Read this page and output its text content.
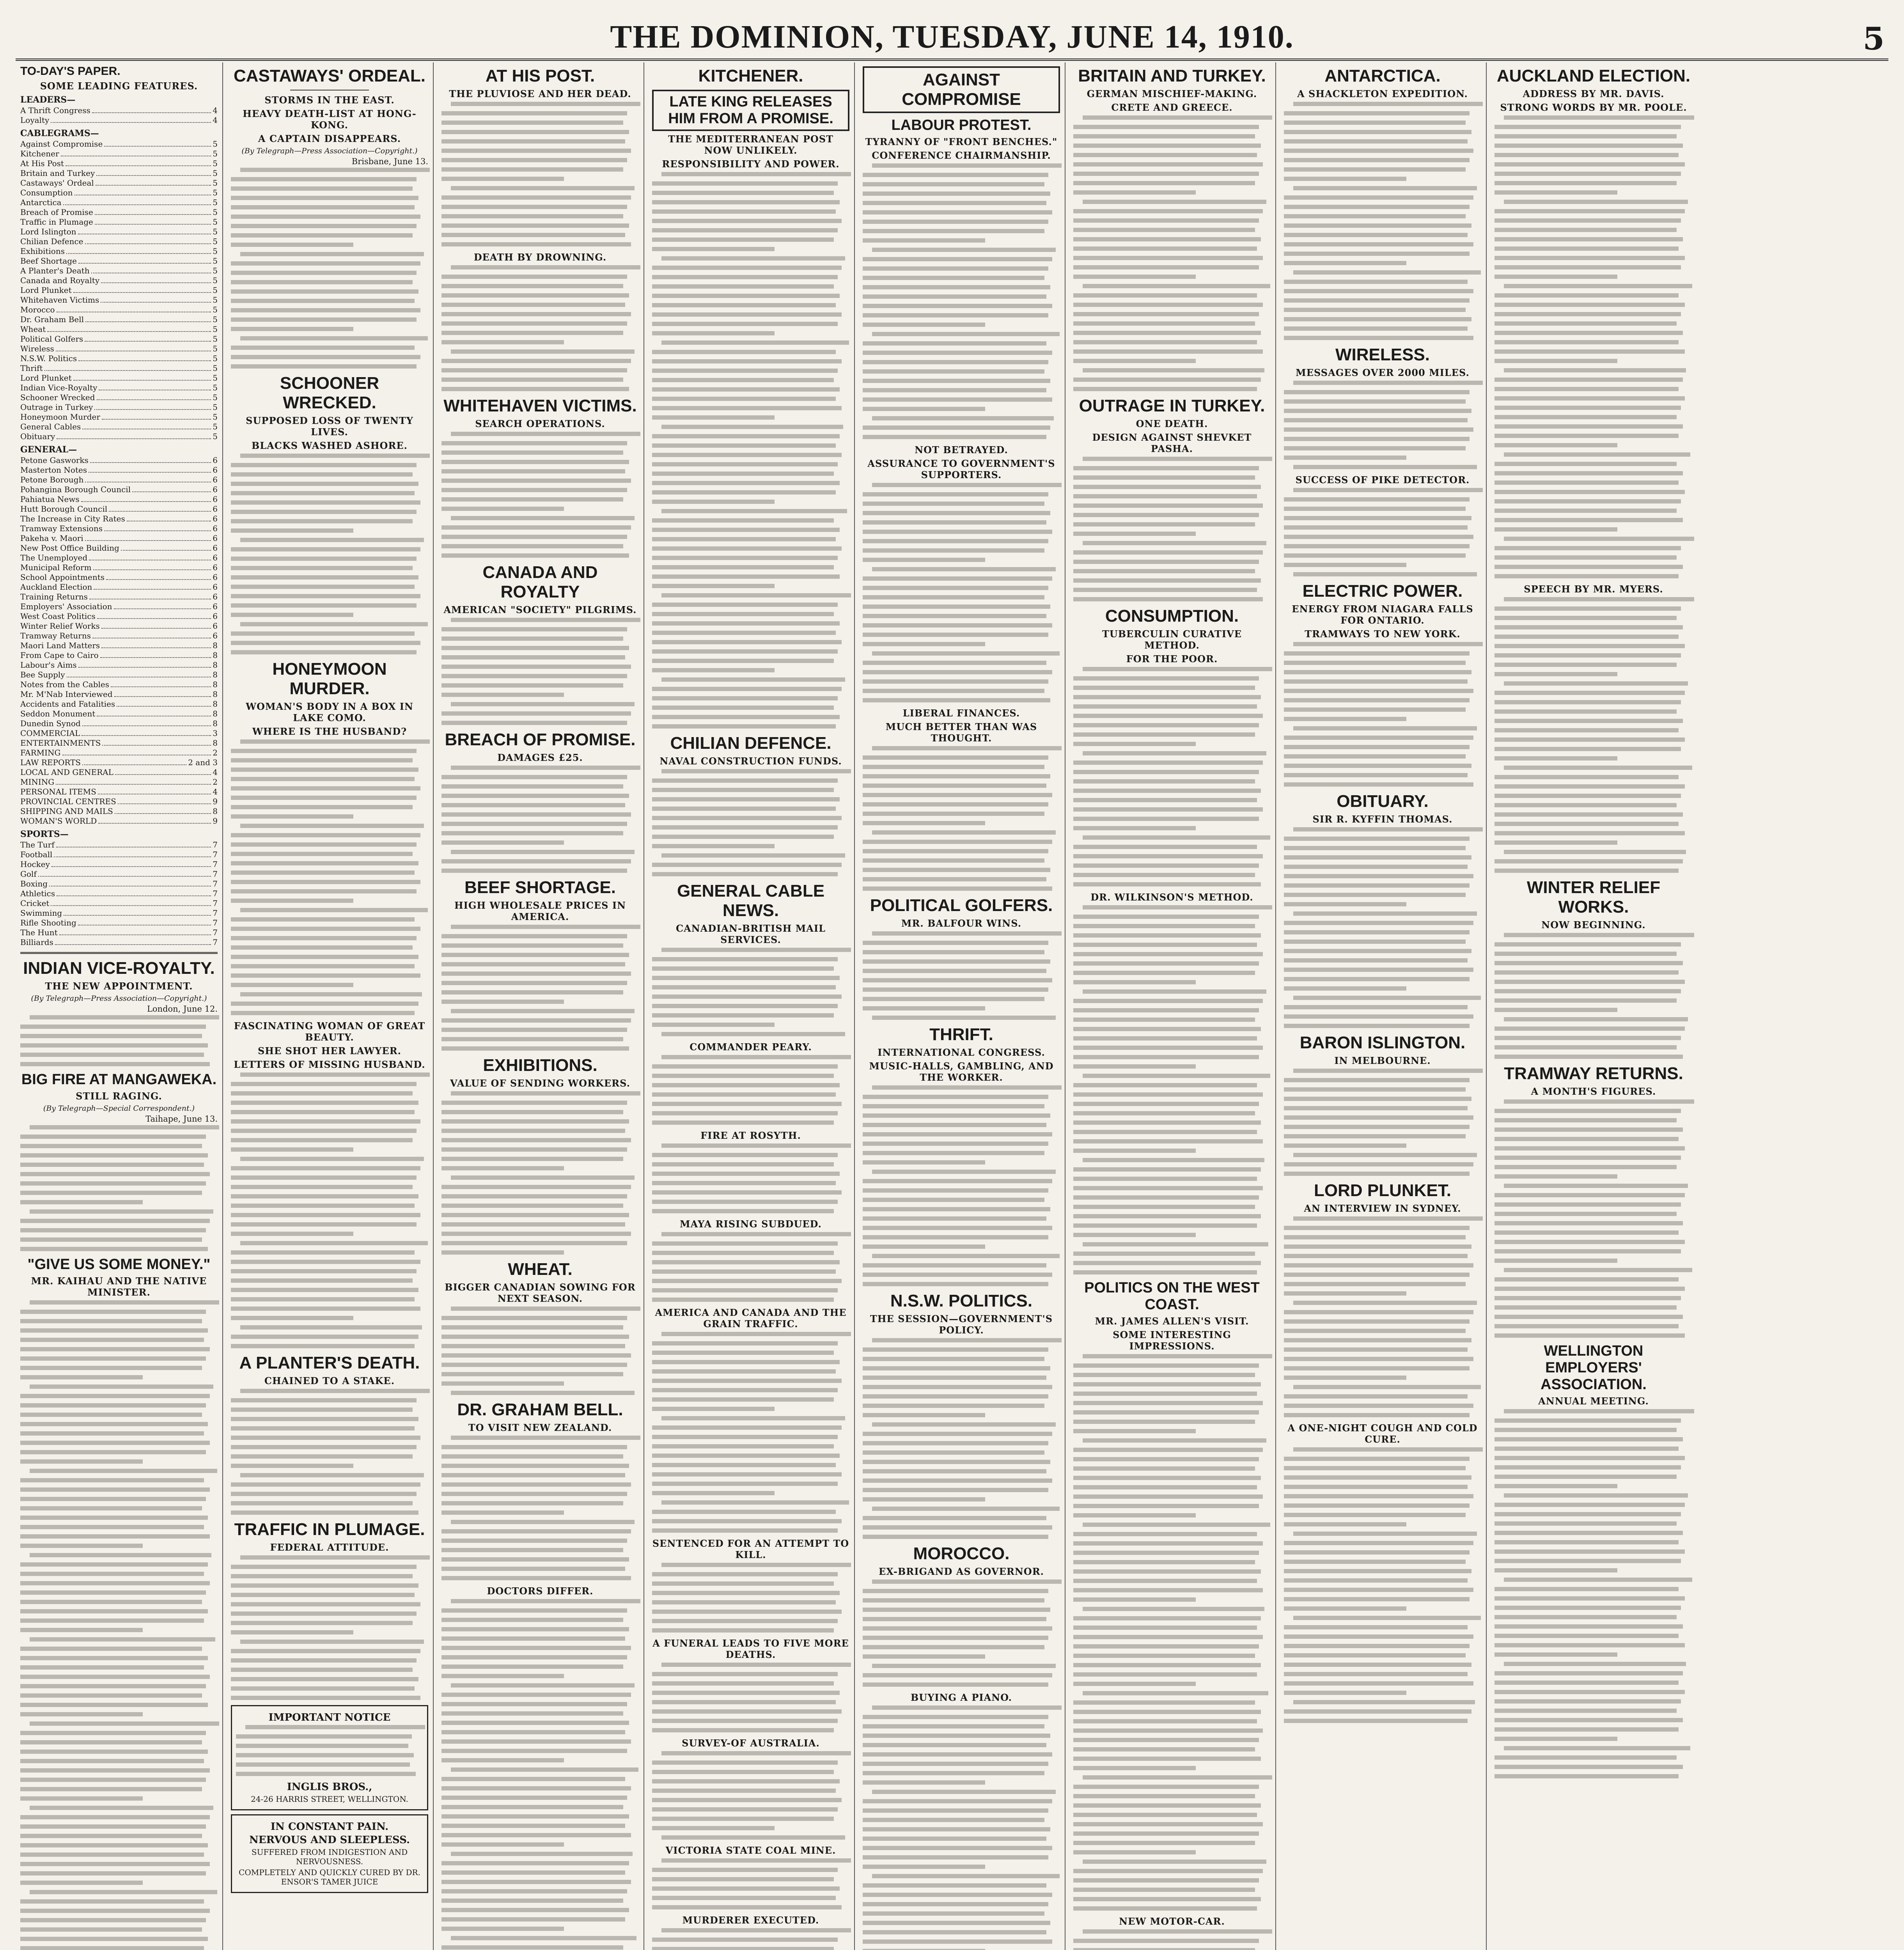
THE DOMINION, TUESDAY, JUNE 14, 1910.	5
TO-DAY'S PAPER.
SOME LEADING FEATURES.
LEADERS—
A Thrift Congress	4
Loyalty	4
CABLEGRAMS—
Against Compromise	5
Kitchener	5
At His Post	5
Britain and Turkey	5
Castaways' Ordeal	5
Consumption	5
Antarctica	5
Breach of Promise	5
Traffic in Plumage	5
Lord Islington	5
Chilian Defence	5
Exhibitions	5
Beef Shortage	5
A Planter's Death	5
Canada and Royalty	5
Lord Plunket	5
Whitehaven Victims	5
Morocco	5
Dr. Graham Bell	5
Wheat	5
Political Golfers	5
Wireless	5
N.S.W. Politics	5
Thrift	5
Lord Plunket	5
Indian Vice-Royalty	5
Schooner Wrecked	5
Outrage in Turkey	5
Honeymoon Murder	5
General Cables	5
Obituary	5
GENERAL—
Petone Gasworks	6
Masterton Notes	6
Petone Borough	6
Pohangina Borough Council	6
Pahiatua News	6
Hutt Borough Council	6
The Increase in City Rates	6
Tramway Extensions	6
Pakeha v. Maori	6
New Post Office Building	6
The Unemployed	6
Municipal Reform	6
School Appointments	6
Auckland Election	6
Training Returns	6
Employers' Association	6
West Coast Politics	6
Winter Relief Works	6
Tramway Returns	6
Maori Land Matters	8
From Cape to Cairo	8
Labour's Aims	8
Bee Supply	8
Notes from the Cables	8
Mr. M'Nab Interviewed	8
Accidents and Fatalities	8
Seddon Monument	8
Dunedin Synod	8
COMMERCIAL	3
ENTERTAINMENTS	8
FARMING	2
LAW REPORTS	2 and 3
LOCAL AND GENERAL	4
MINING	2
PERSONAL ITEMS	4
PROVINCIAL CENTRES	9
SHIPPING AND MAILS	8
WOMAN'S WORLD	9
SPORTS—
The Turf	7
Football	7
Hockey	7
Golf	7
Boxing	7
Athletics	7
Cricket	7
Swimming	7
Rifle Shooting	7
The Hunt	7
Billiards	7
INDIAN VICE-ROYALTY.
THE NEW APPOINTMENT.
(By Telegraph—Press Association—Copyright.)
London, June 12.
BIG FIRE AT MANGAWEKA.
STILL RAGING.
(By Telegraph—Special Correspondent.)
Taihape, June 13.
"GIVE US SOME MONEY."
MR. KAIHAU AND THE NATIVE MINISTER.
CASTAWAYS' ORDEAL.
STORMS IN THE EAST.
HEAVY DEATH-LIST AT HONG-KONG.
A CAPTAIN DISAPPEARS.
(By Telegraph—Press Association—Copyright.)
Brisbane, June 13.
SCHOONER WRECKED.
SUPPOSED LOSS OF TWENTY LIVES.
BLACKS WASHED ASHORE.
HONEYMOON MURDER.
WOMAN'S BODY IN A BOX IN LAKE COMO.
WHERE IS THE HUSBAND?
FASCINATING WOMAN OF GREAT BEAUTY.
SHE SHOT HER LAWYER.
LETTERS OF MISSING HUSBAND.
A PLANTER'S DEATH.
CHAINED TO A STAKE.
TRAFFIC IN PLUMAGE.
FEDERAL ATTITUDE.
IMPORTANT NOTICE
INGLIS BROS.,
24-26 HARRIS STREET, WELLINGTON.
IN CONSTANT PAIN.
NERVOUS AND SLEEPLESS.
SUFFERED FROM INDIGESTION AND NERVOUSNESS.
COMPLETELY AND QUICKLY CURED BY DR. ENSOR'S TAMER JUICE
AT HIS POST.
THE PLUVIOSE AND HER DEAD.
DEATH BY DROWNING.
WHITEHAVEN VICTIMS.
SEARCH OPERATIONS.
CANADA AND ROYALTY
AMERICAN "SOCIETY" PILGRIMS.
BREACH OF PROMISE.
DAMAGES £25.
BEEF SHORTAGE.
HIGH WHOLESALE PRICES IN AMERICA.
EXHIBITIONS.
VALUE OF SENDING WORKERS.
WHEAT.
BIGGER CANADIAN SOWING FOR NEXT SEASON.
DR. GRAHAM BELL.
TO VISIT NEW ZEALAND.
DOCTORS DIFFER.
KITCHENER.
LATE KING RELEASES HIM FROM A PROMISE.
THE MEDITERRANEAN POST NOW UNLIKELY.
RESPONSIBILITY AND POWER.
CHILIAN DEFENCE.
NAVAL CONSTRUCTION FUNDS.
GENERAL CABLE NEWS.
CANADIAN-BRITISH MAIL SERVICES.
COMMANDER PEARY.
FIRE AT ROSYTH.
MAYA RISING SUBDUED.
AMERICA AND CANADA AND THE GRAIN TRAFFIC.
SENTENCED FOR AN ATTEMPT TO KILL.
A FUNERAL LEADS TO FIVE MORE DEATHS.
SURVEY-OF AUSTRALIA.
VICTORIA STATE COAL MINE.
MURDERER EXECUTED.
AGAINST COMPROMISE
LABOUR PROTEST.
TYRANNY OF "FRONT BENCHES."
CONFERENCE CHAIRMANSHIP.
NOT BETRAYED.
ASSURANCE TO GOVERNMENT'S SUPPORTERS.
LIBERAL FINANCES.
MUCH BETTER THAN WAS THOUGHT.
POLITICAL GOLFERS.
MR. BALFOUR WINS.
THRIFT.
INTERNATIONAL CONGRESS.
MUSIC-HALLS, GAMBLING, AND THE WORKER.
N.S.W. POLITICS.
THE SESSION—GOVERNMENT'S POLICY.
MOROCCO.
EX-BRIGAND AS GOVERNOR.
BUYING A PIANO.
BRITAIN AND TURKEY.
GERMAN MISCHIEF-MAKING.
CRETE AND GREECE.
OUTRAGE IN TURKEY.
ONE DEATH.
DESIGN AGAINST SHEVKET PASHA.
CONSUMPTION.
TUBERCULIN CURATIVE METHOD.
FOR THE POOR.
DR. WILKINSON'S METHOD.
POLITICS ON THE WEST COAST.
MR. JAMES ALLEN'S VISIT.
SOME INTERESTING IMPRESSIONS.
NEW MOTOR-CAR.
ANTARCTICA.
A SHACKLETON EXPEDITION.
WIRELESS.
MESSAGES OVER 2000 MILES.
SUCCESS OF PIKE DETECTOR.
ELECTRIC POWER.
ENERGY FROM NIAGARA FALLS FOR ONTARIO.
TRAMWAYS TO NEW YORK.
OBITUARY.
SIR R. KYFFIN THOMAS.
BARON ISLINGTON.
IN MELBOURNE.
LORD PLUNKET.
AN INTERVIEW IN SYDNEY.
A ONE-NIGHT COUGH AND COLD CURE.
AUCKLAND ELECTION.
ADDRESS BY MR. DAVIS.
STRONG WORDS BY MR. POOLE.
SPEECH BY MR. MYERS.
WINTER RELIEF WORKS.
NOW BEGINNING.
TRAMWAY RETURNS.
A MONTH'S FIGURES.
WELLINGTON EMPLOYERS' ASSOCIATION.
ANNUAL MEETING.
